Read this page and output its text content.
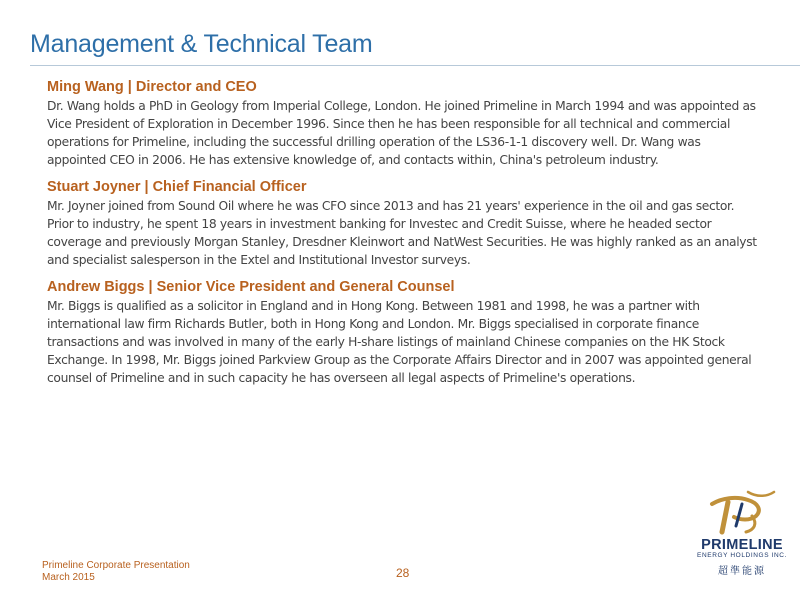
Management & Technical Team
Ming Wang | Director and CEO
Dr. Wang holds a PhD in Geology from Imperial College, London. He joined Primeline in March 1994 and was appointed as Vice President of Exploration in December 1996. Since then he has been responsible for all technical and commercial operations for Primeline, including the successful drilling operation of the LS36-1-1 discovery well. Dr. Wang was appointed CEO in 2006. He has extensive knowledge of, and contacts within, China's petroleum industry.
Stuart Joyner | Chief Financial Officer
Mr. Joyner joined from Sound Oil where he was CFO since 2013 and has 21 years' experience in the oil and gas sector. Prior to industry, he spent 18 years in investment banking for Investec and Credit Suisse, where he headed sector coverage and previously Morgan Stanley, Dresdner Kleinwort and NatWest Securities. He was highly ranked as an analyst and specialist salesperson in the Extel and Institutional Investor surveys.
Andrew Biggs | Senior Vice President and General Counsel
Mr. Biggs is qualified as a solicitor in England and in Hong Kong. Between 1981 and 1998, he was a partner with international law firm Richards Butler, both in Hong Kong and London. Mr. Biggs specialised in corporate finance transactions and was involved in many of the early H-share listings of mainland Chinese companies on the HK Stock Exchange. In 1998, Mr. Biggs joined Parkview Group as the Corporate Affairs Director and in 2007 was appointed general counsel of Primeline and in such capacity he has overseen all legal aspects of Primeline's operations.
Primeline Corporate Presentation
March 2015	28
PRIMELINE
ENERGY HOLDINGS INC.
超準能源
